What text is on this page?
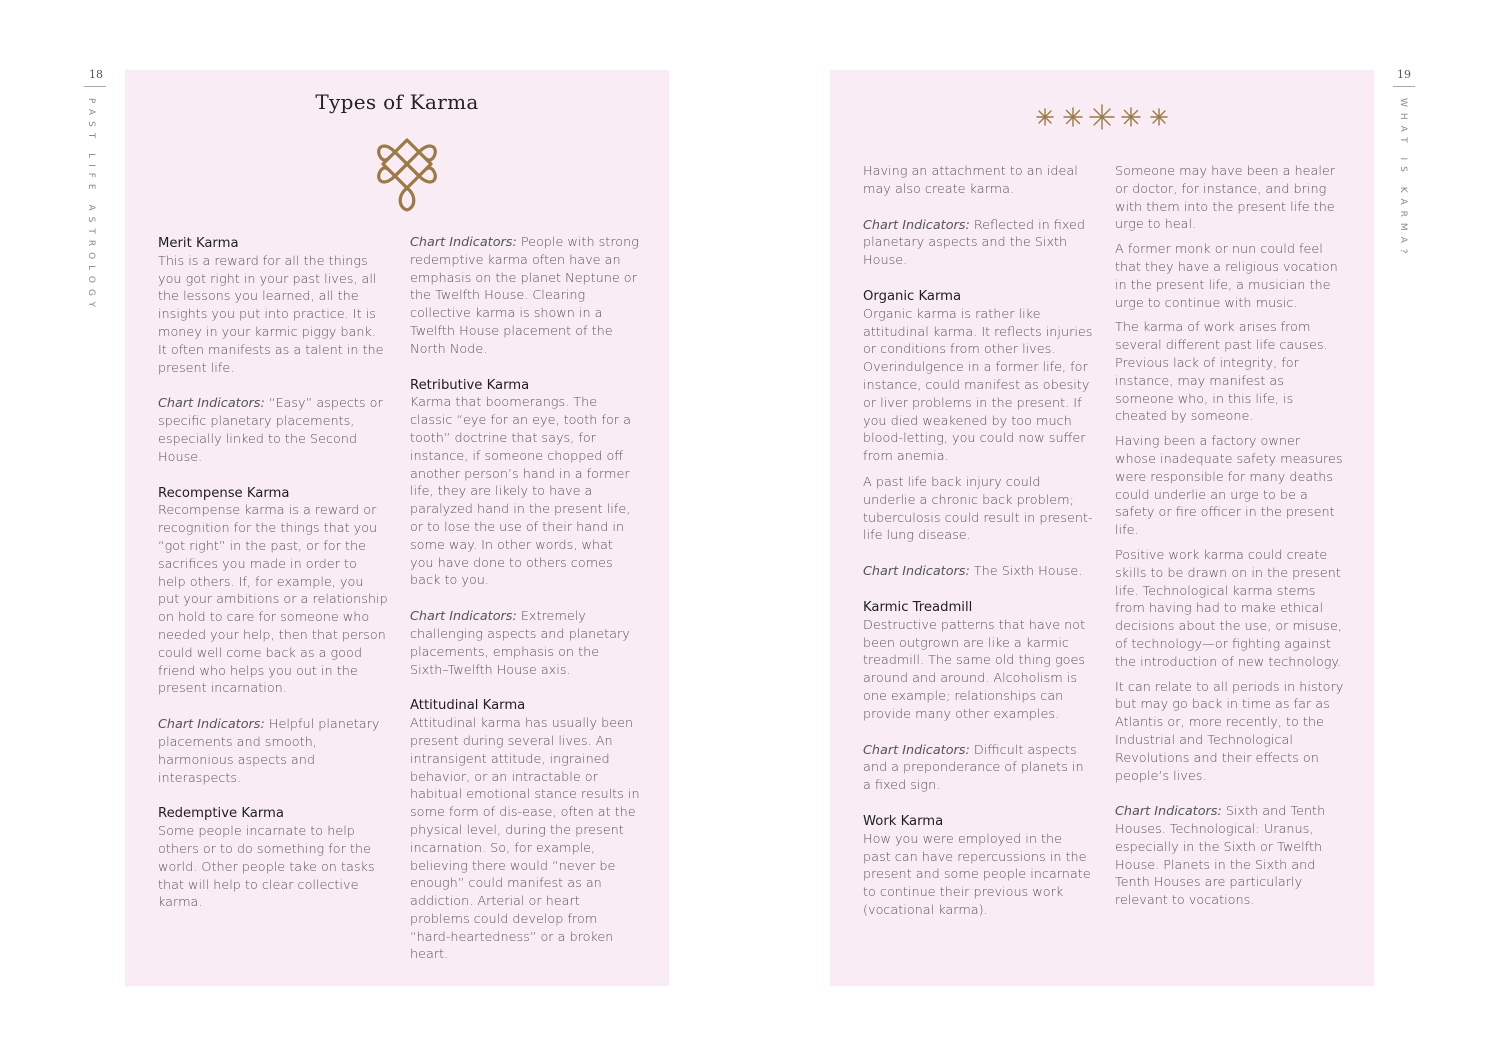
18
PAST LIFE ASTROLOGY	Types of Karma
Merit Karma
This is a reward for all the things you got right in your past lives, all the lessons you learned, all the insights you put into practice. It is money in your karmic piggy bank. It often manifests as a talent in the present life.

Chart Indicators: “Easy” aspects or specific planetary placements, especially linked to the Second House.

Recompense Karma
Recompense karma is a reward or recognition for the things that you “got right” in the past, or for the sacrifices you made in order to help others. If, for example, you put your ambitions or a relationship on hold to care for someone who needed your help, then that person could well come back as a good friend who helps you out in the present incarnation.

Chart Indicators: Helpful planetary placements and smooth, harmonious aspects and interaspects.

Redemptive Karma
Some people incarnate to help others or to do something for the world. Other people take on tasks that will help to clear collective karma.

Chart Indicators: People with strong redemptive karma often have an emphasis on the planet Neptune or the Twelfth House. Clearing collective karma is shown in a Twelfth House placement of the North Node.

Retributive Karma
Karma that boomerangs. The classic “eye for an eye, tooth for a tooth” doctrine that says, for instance, if someone chopped off another person’s hand in a former life, they are likely to have a paralyzed hand in the present life, or to lose the use of their hand in some way. In other words, what you have done to others comes back to you.

Chart Indicators: Extremely challenging aspects and planetary placements, emphasis on the Sixth–Twelfth House axis.

Attitudinal Karma
Attitudinal karma has usually been present during several lives. An intransigent attitude, ingrained behavior, or an intractable or habitual emotional stance results in some form of dis-ease, often at the physical level, during the present incarnation. So, for example, believing there would “never be enough” could manifest as an addiction. Arterial or heart problems could develop from “hard-heartedness” or a broken heart.
19
WHAT IS KARMA?

Having an attachment to an ideal may also create karma.

Chart Indicators: Reflected in fixed planetary aspects and the Sixth House.

Organic Karma
Organic karma is rather like attitudinal karma. It reflects injuries or conditions from other lives. Overindulgence in a former life, for instance, could manifest as obesity or liver problems in the present. If you died weakened by too much blood-letting, you could now suffer from anemia.

A past life back injury could underlie a chronic back problem; tuberculosis could result in present-life lung disease.

Chart Indicators: The Sixth House.

Karmic Treadmill
Destructive patterns that have not been outgrown are like a karmic treadmill. The same old thing goes around and around. Alcoholism is one example; relationships can provide many other examples.

Chart Indicators: Difficult aspects and a preponderance of planets in a fixed sign.

Work Karma
How you were employed in the past can have repercussions in the present and some people incarnate to continue their previous work (vocational karma).

Someone may have been a healer or doctor, for instance, and bring with them into the present life the urge to heal.

A former monk or nun could feel that they have a religious vocation in the present life, a musician the urge to continue with music.

The karma of work arises from several different past life causes. Previous lack of integrity, for instance, may manifest as someone who, in this life, is cheated by someone.

Having been a factory owner whose inadequate safety measures were responsible for many deaths could underlie an urge to be a safety or fire officer in the present life.

Positive work karma could create skills to be drawn on in the present life. Technological karma stems from having had to make ethical decisions about the use, or misuse, of technology—or fighting against the introduction of new technology.

It can relate to all periods in history but may go back in time as far as Atlantis or, more recently, to the Industrial and Technological Revolutions and their effects on people’s lives.

Chart Indicators: Sixth and Tenth Houses. Technological: Uranus, especially in the Sixth or Twelfth House. Planets in the Sixth and Tenth Houses are particularly relevant to vocations.
